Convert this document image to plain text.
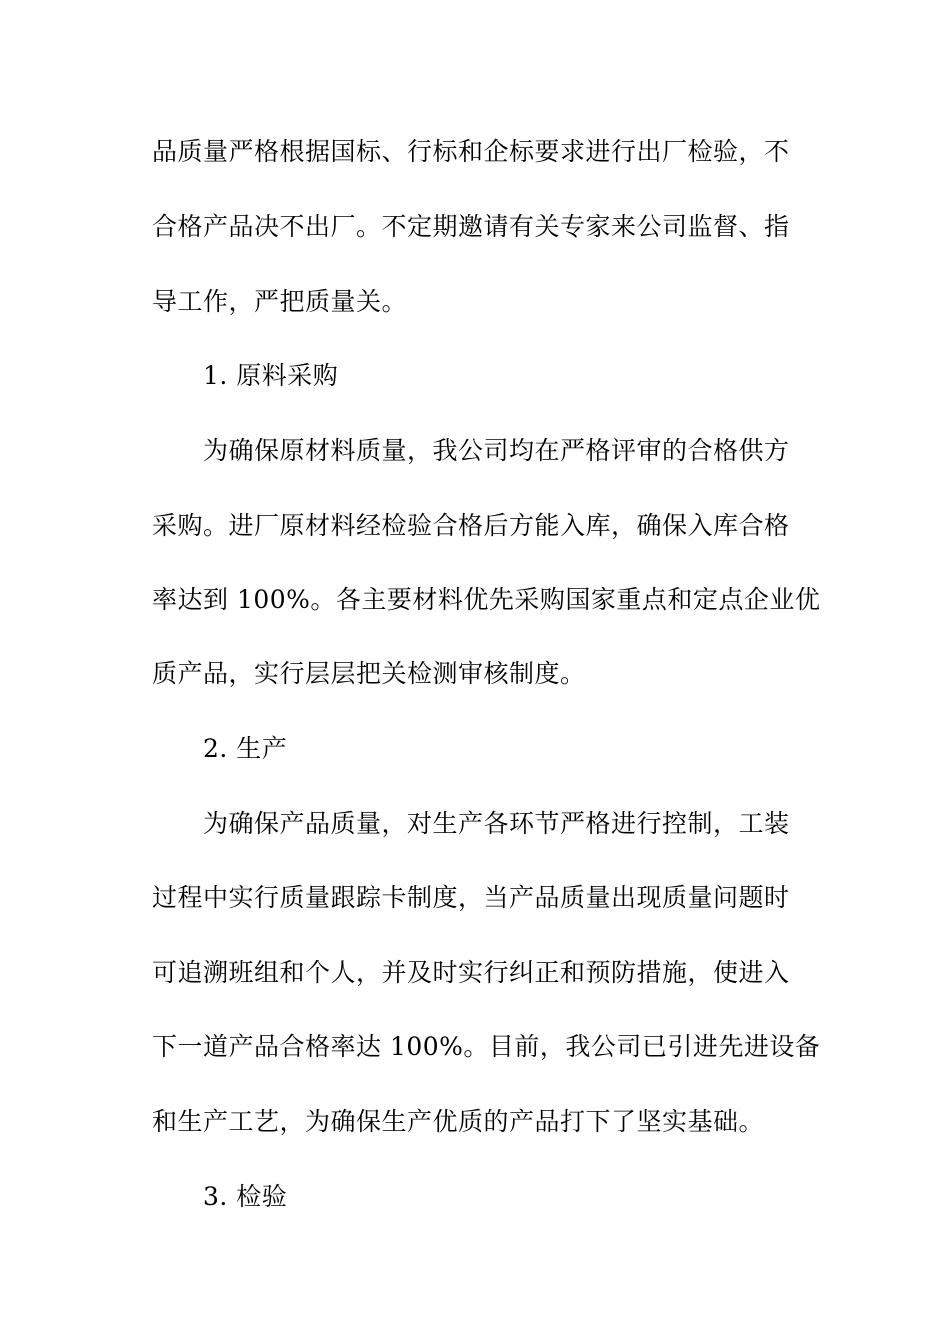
品质量严格根据国标、行标和企标要求进行出厂检验，不
合格产品决不出厂。不定期邀请有关专家来公司监督、指
导工作，严把质量关。
1. 原料采购
为确保原材料质量，我公司均在严格评审的合格供方
采购。进厂原材料经检验合格后方能入库，确保入库合格
率达到 100%。各主要材料优先采购国家重点和定点企业优
质产品，实行层层把关检测审核制度。
2. 生产
为确保产品质量，对生产各环节严格进行控制，工装
过程中实行质量跟踪卡制度，当产品质量出现质量问题时
可追溯班组和个人，并及时实行纠正和预防措施，使进入
下一道产品合格率达 100%。目前，我公司已引进先进设备
和生产工艺，为确保生产优质的产品打下了坚实基础。
3. 检验
